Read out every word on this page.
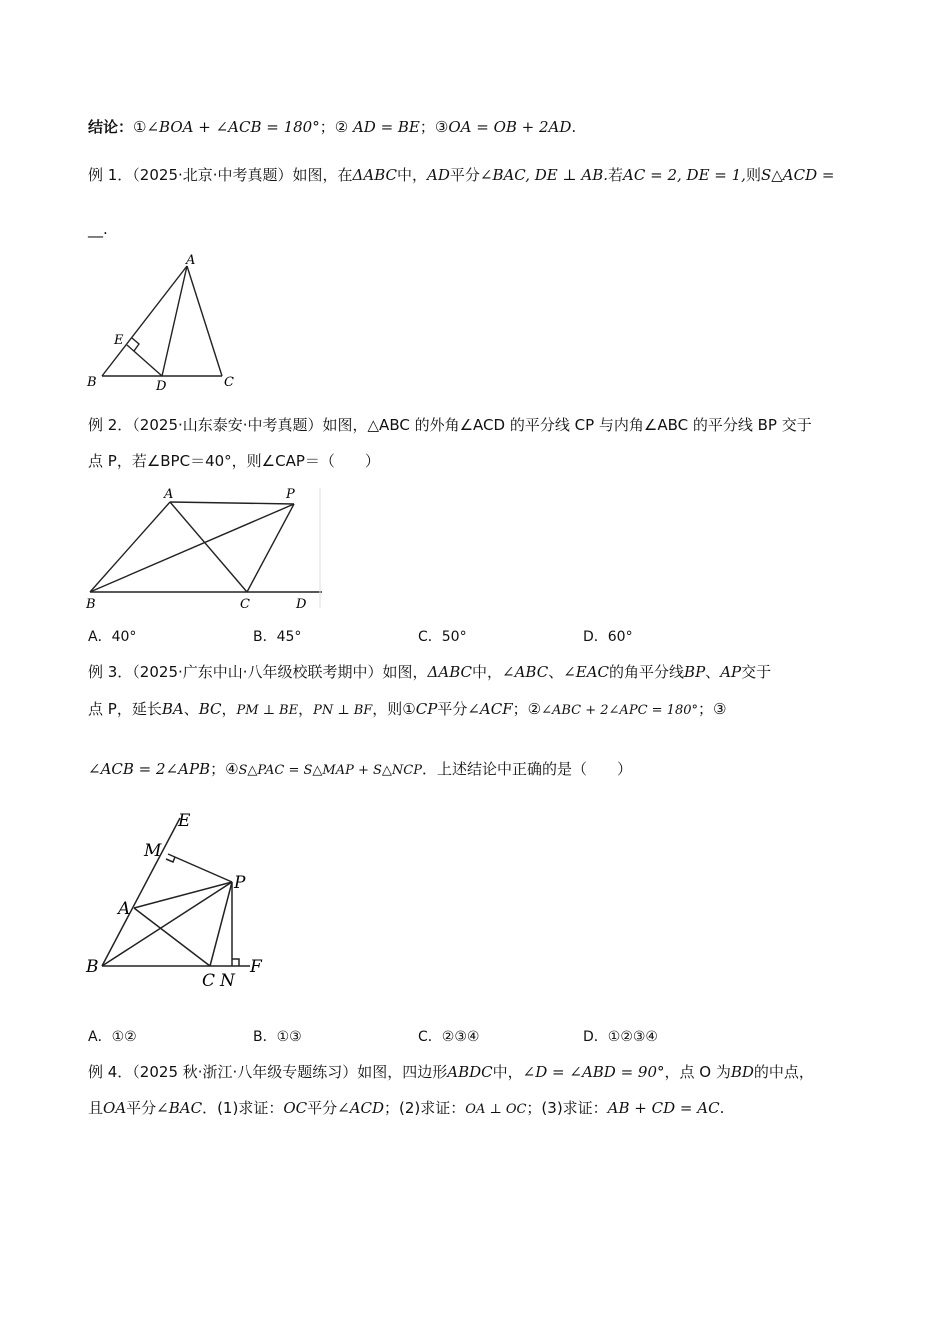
结论：①∠BOA + ∠ACB = 180°；② AD = BE；③OA = OB + 2AD.
例 1．（2025·北京·中考真题）如图，在ΔABC中，AD平分∠BAC, DE ⊥ AB.若AC = 2, DE = 1,则S△ACD =
__.
A
B	C
D
E
例 2．（2025·山东泰安·中考真题）如图，△ABC 的外角∠ACD 的平分线 CP 与内角∠ABC 的平分线 BP 交于
点 P，若∠BPC＝40°，则∠CAP＝（　　）
A	P
B	C	D
A．40°	B．45°	C．50°	D．60°
例 3．（2025·广东中山·八年级校联考期中）如图，ΔABC中，∠ABC、∠EAC的角平分线BP、AP交于
点 P，延长BA、BC，PM ⊥ BE，PN ⊥ BF，则①CP平分∠ACF；②∠ABC + 2∠APC = 180°；③
∠ACB = 2∠APB；④S△PAC = S△MAP + S△NCP．上述结论中正确的是（　　）
E
M
P
A
B
C N
F
A．①②	B．①③	C．②③④	D．①②③④
例 4．（2025 秋·浙江·八年级专题练习）如图，四边形ABDC中，∠D = ∠ABD = 90°，点 O 为BD的中点，
且OA平分∠BAC．(1)求证：OC平分∠ACD；(2)求证：OA ⊥ OC；(3)求证：AB + CD = AC.
